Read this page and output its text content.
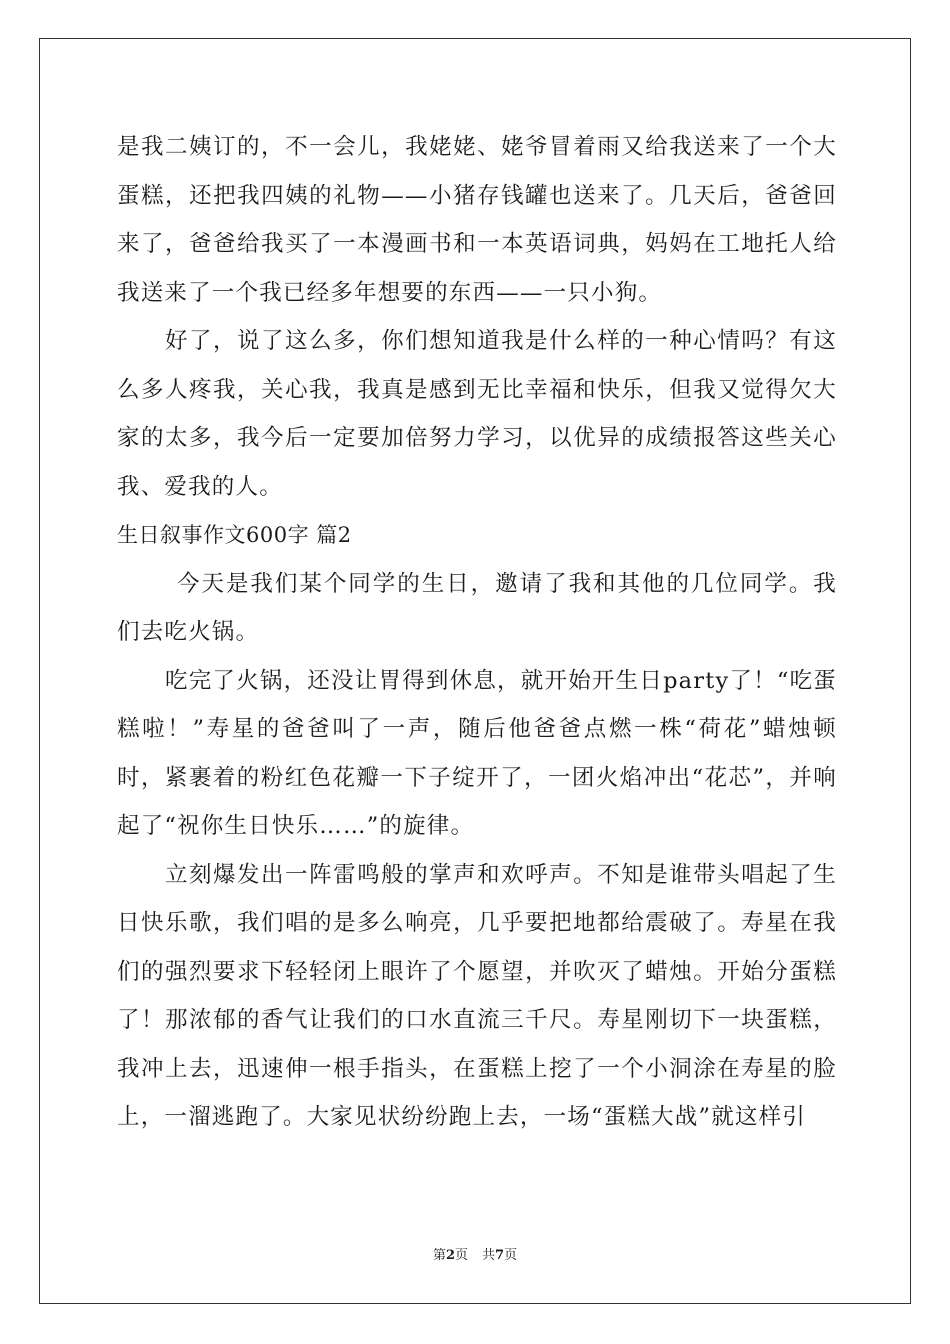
是我二姨订的，不一会儿，我姥姥、姥爷冒着雨又给我送来了一个大蛋糕，还把我四姨的礼物——小猪存钱罐也送来了。几天后，爸爸回来了，爸爸给我买了一本漫画书和一本英语词典，妈妈在工地托人给我送来了一个我已经多年想要的东西——一只小狗。

好了，说了这么多，你们想知道我是什么样的一种心情吗？有这么多人疼我，关心我，我真是感到无比幸福和快乐，但我又觉得欠大家的太多，我今后一定要加倍努力学习，以优异的成绩报答这些关心我、爱我的人。

生日叙事作文600字 篇2

今天是我们某个同学的生日，邀请了我和其他的几位同学。我们去吃火锅。

吃完了火锅，还没让胃得到休息，就开始开生日party了！“吃蛋糕啦！”寿星的爸爸叫了一声，随后他爸爸点燃一株“荷花”蜡烛顿时，紧裹着的粉红色花瓣一下子绽开了，一团火焰冲出“花芯”，并响起了“祝你生日快乐……”的旋律。

立刻爆发出一阵雷鸣般的掌声和欢呼声。不知是谁带头唱起了生日快乐歌，我们唱的是多么响亮，几乎要把地都给震破了。寿星在我们的强烈要求下轻轻闭上眼许了个愿望，并吹灭了蜡烛。开始分蛋糕了！那浓郁的香气让我们的口水直流三千尺。寿星刚切下一块蛋糕，我冲上去，迅速伸一根手指头，在蛋糕上挖了一个小洞涂在寿星的脸上，一溜逃跑了。大家见状纷纷跑上去，一场“蛋糕大战”就这样引

第2页 共7页
